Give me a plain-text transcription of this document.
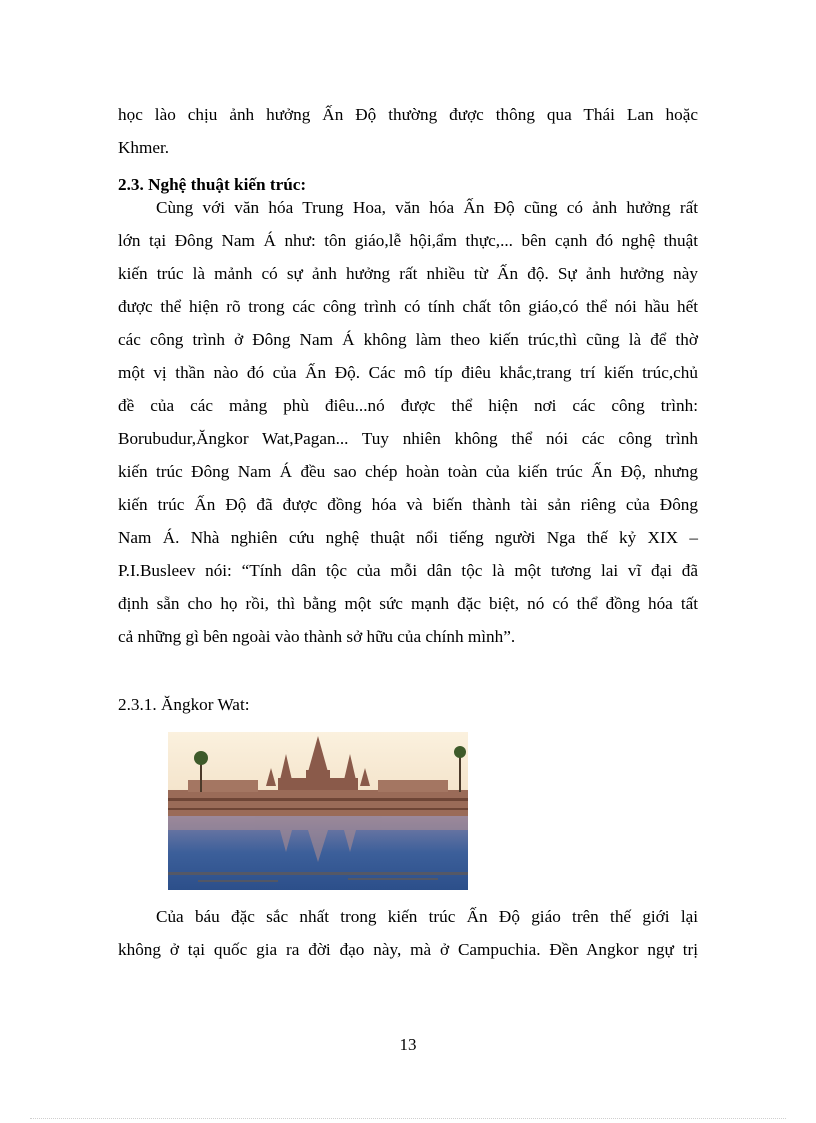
học lào chịu ảnh hưởng Ấn Độ thường được thông qua Thái Lan hoặc
Khmer.
2.3. Nghệ thuật kiến trúc:
Cùng với văn hóa Trung Hoa, văn hóa Ấn Độ cũng có ảnh hưởng rất
lớn tại Đông Nam Á như: tôn giáo,lễ hội,ẩm thực,... bên cạnh đó nghệ thuật
kiến trúc là mảnh có sự ảnh hưởng rất nhiều từ Ấn độ. Sự ảnh hưởng này
được thể hiện rõ trong các công trình có tính chất tôn giáo,có thể nói hầu hết
các công trình ở Đông Nam Á không làm theo kiến trúc,thì cũng là để thờ
một vị thần nào đó của Ấn Độ. Các mô típ điêu khắc,trang trí kiến trúc,chủ
đề của các mảng phù điêu...nó được thể hiện nơi các công trình:
Borubudur,Ăngkor Wat,Pagan... Tuy nhiên không thể nói các công trình
kiến trúc Đông Nam Á đều sao chép hoàn toàn của kiến trúc Ấn Độ, nhưng
kiến trúc Ấn Độ đã được đồng hóa và biến thành tài sản riêng của Đông
Nam Á. Nhà nghiên cứu nghệ thuật nổi tiếng người Nga thế kỷ XIX –
P.I.Busleev nói: “Tính dân tộc của mỗi dân tộc là một tương lai vĩ đại đã
định sẵn cho họ rồi, thì bằng một sức mạnh đặc biệt, nó có thể đồng hóa tất
cả những gì bên ngoài vào thành sở hữu của chính mình”.
2.3.1. Ăngkor Wat:
Của báu đặc sắc nhất trong kiến trúc Ấn Độ giáo trên thế giới lại
không ở tại quốc gia ra đời đạo này, mà ở Campuchia. Đền Angkor ngự trị
13
